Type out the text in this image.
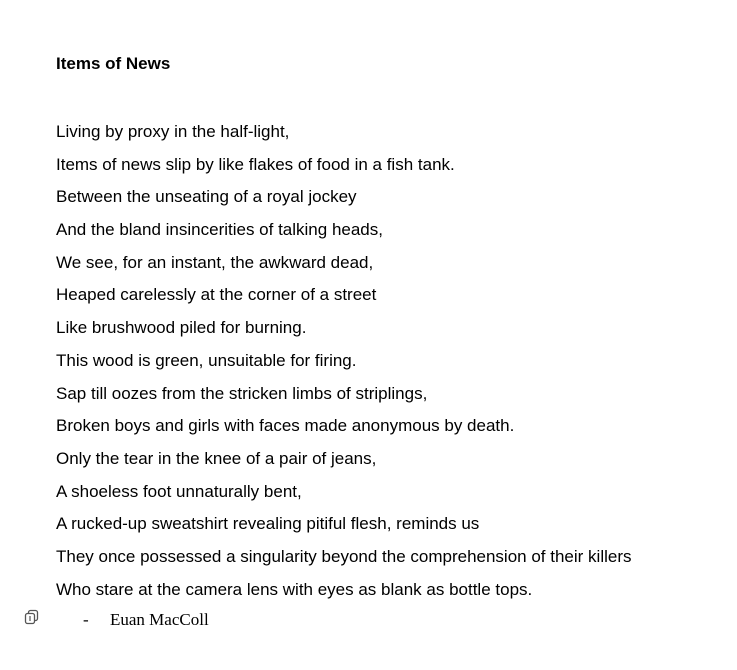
Items of News
Living by proxy in the half-light,
Items of news slip by like flakes of food in a fish tank.
Between the unseating of a royal jockey
And the bland insincerities of talking heads,
We see, for an instant, the awkward dead,
Heaped carelessly at the corner of a street
Like brushwood piled for burning.
This wood is green, unsuitable for firing.
Sap till oozes from the stricken limbs of striplings,
Broken boys and girls with faces made anonymous by death.
Only the tear in the knee of a pair of jeans,
A shoeless foot unnaturally bent,
A rucked-up sweatshirt revealing pitiful flesh, reminds us
They once possessed a singularity beyond the comprehension of their killers
Who stare at the camera lens with eyes as blank as bottle tops.
- Euan MacColl
